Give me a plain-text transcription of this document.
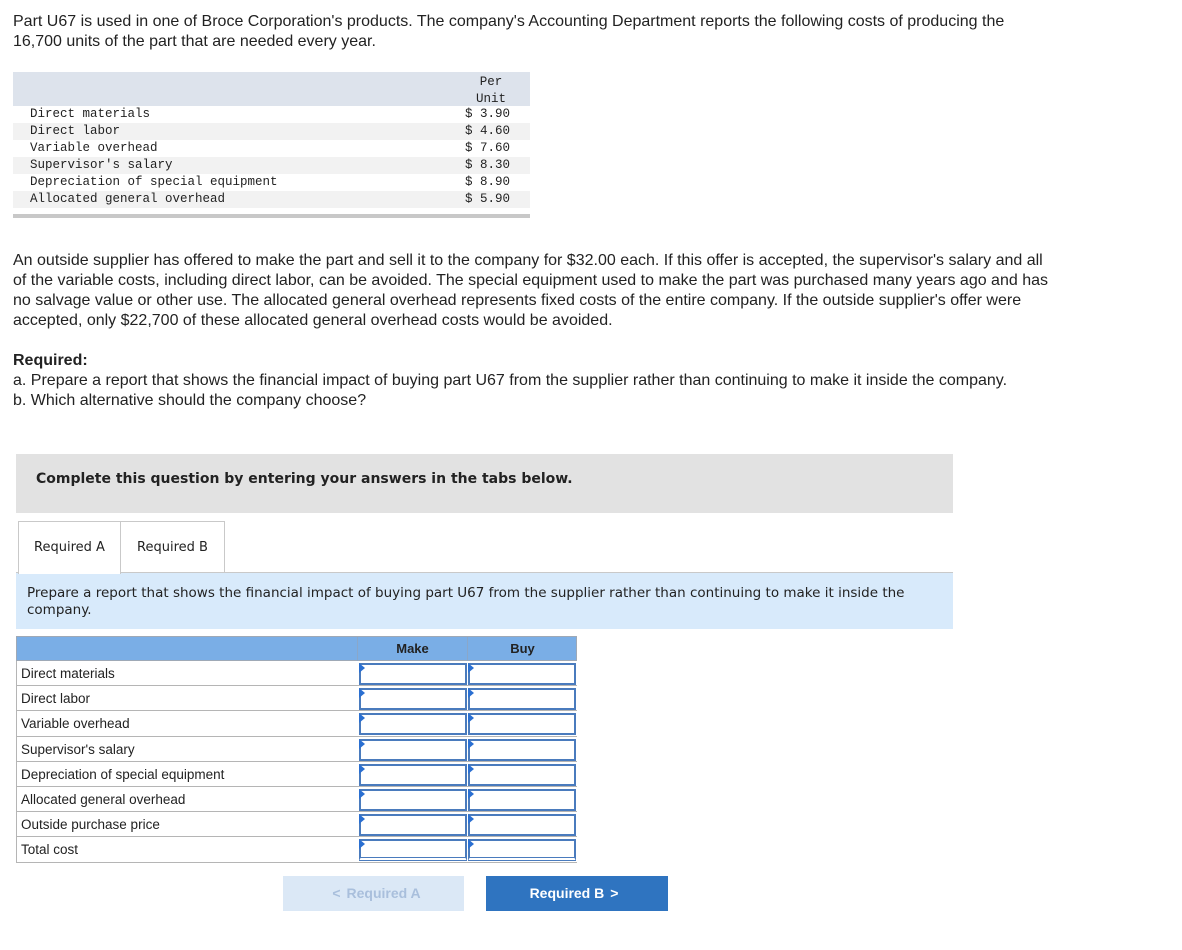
Part U67 is used in one of Broce Corporation's products. The company's Accounting Department reports the following costs of producing the 16,700 units of the part that are needed every year.
Per
Unit
Direct materials	$ 3.90
Direct labor	$ 4.60
Variable overhead	$ 7.60
Supervisor's salary	$ 8.30
Depreciation of special equipment	$ 8.90
Allocated general overhead	$ 5.90
An outside supplier has offered to make the part and sell it to the company for $32.00 each. If this offer is accepted, the supervisor's salary and all of the variable costs, including direct labor, can be avoided. The special equipment used to make the part was purchased many years ago and has no salvage value or other use. The allocated general overhead represents fixed costs of the entire company. If the outside supplier's offer were accepted, only $22,700 of these allocated general overhead costs would be avoided.
Required:
a. Prepare a report that shows the financial impact of buying part U67 from the supplier rather than continuing to make it inside the company.
b. Which alternative should the company choose?
Complete this question by entering your answers in the tabs below.
Required A	Required B
Prepare a report that shows the financial impact of buying part U67 from the supplier rather than continuing to make it inside the company.
Make	Buy
Direct materials
Direct labor
Variable overhead
Supervisor's salary
Depreciation of special equipment
Allocated general overhead
Outside purchase price
Total cost
< Required A	Required B >
